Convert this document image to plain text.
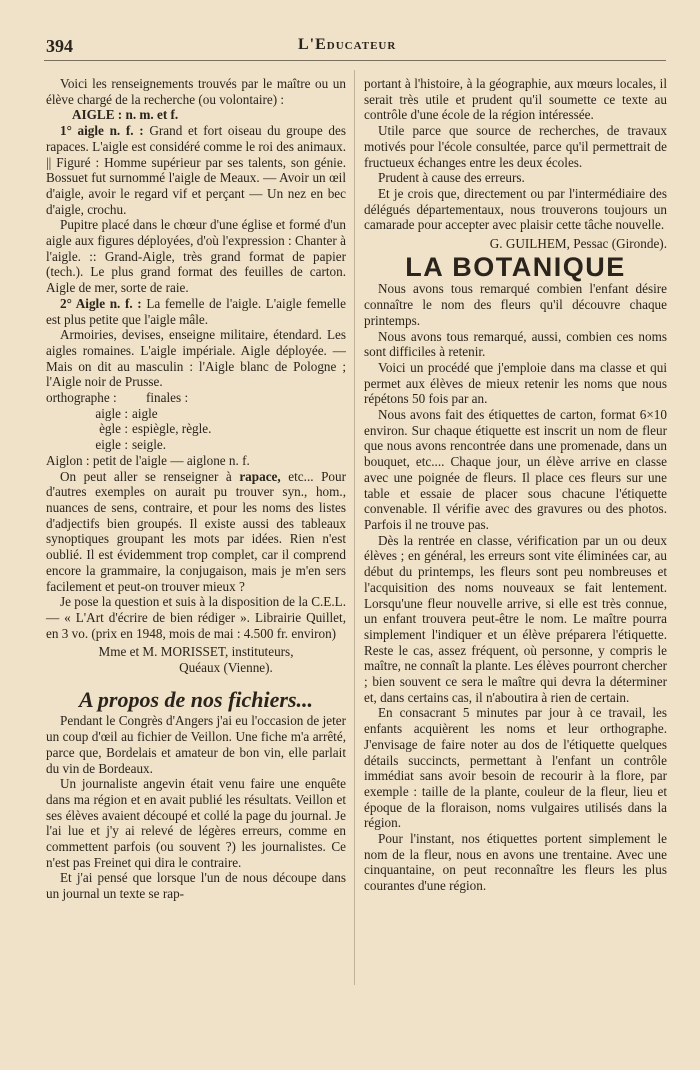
394	L'Educateur

Voici les renseignements trouvés par le maître ou un élève chargé de la recherche (ou volontaire) :

AIGLE : n. m. et f.

1° aigle n. f. : Grand et fort oiseau du groupe des rapaces. L'aigle est considéré comme le roi des animaux. || Figuré : Homme supérieur par ses talents, son génie. Bossuet fut surnommé l'aigle de Meaux. — Avoir un œil d'aigle, avoir le regard vif et perçant — Un nez en bec d'aigle, crochu.

Pupitre placé dans le chœur d'une église et formé d'un aigle aux figures déployées, d'où l'expression : Chanter à l'aigle. :: Grand-Aigle, très grand format de papier (tech.). Le plus grand format des feuilles de carton. Aigle de mer, sorte de raie.

2° Aigle n. f. : La femelle de l'aigle. L'aigle femelle est plus petite que l'aigle mâle.

Armoiries, devises, enseigne militaire, étendard. Les aigles romaines. L'aigle impériale. Aigle déployée. — Mais on dit au masculin : l'Aigle blanc de Pologne ; l'Aigle noir de Prusse.

orthographe :	finales :
aigle : aigle
ègle : espiègle, règle.
eigle : seigle.

Aiglon : petit de l'aigle — aiglone n. f.

On peut aller se renseigner à rapace, etc... Pour d'autres exemples on aurait pu trouver syn., hom., nuances de sens, contraire, et pour les noms des listes d'adjectifs bien groupés. Il existe aussi des tableaux synoptiques groupant les mots par idées. Rien n'est oublié. Il est évidemment trop complet, car il comprend encore la grammaire, la conjugaison, mais je m'en sers facilement et peut-on trouver mieux ?

Je pose la question et suis à la disposition de la C.E.L.— « L'Art d'écrire de bien rédiger ». Librairie Quillet, en 3 vo. (prix en 1948, mois de mai : 4.500 fr. environ)

Mme et M. MORISSET, instituteurs,

Quéaux (Vienne).

A propos de nos fichiers...

Pendant le Congrès d'Angers j'ai eu l'occasion de jeter un coup d'œil au fichier de Veillon. Une fiche m'a arrêté, parce que, Bordelais et amateur de bon vin, elle parlait du vin de Bordeaux.

Un journaliste angevin était venu faire une enquête dans ma région et en avait publié les résultats. Veillon et ses élèves avaient découpé et collé la page du journal. Je l'ai lue et j'y ai relevé de légères erreurs, comme en commettent parfois (ou souvent ?) les journalistes. Ce n'est pas Freinet qui dira le contraire.

Et j'ai pensé que lorsque l'un de nous découpe dans un journal un texte se rap-

portant à l'histoire, à la géographie, aux mœurs locales, il serait très utile et prudent qu'il soumette ce texte au contrôle d'une école de la région intéressée.

Utile parce que source de recherches, de travaux motivés pour l'école consultée, parce qu'il permettrait de fructueux échanges entre les deux écoles.

Prudent à cause des erreurs.

Et je crois que, directement ou par l'intermédiaire des délégués départementaux, nous trouverons toujours un camarade pour accepter avec plaisir cette tâche nouvelle.

G. GUILHEM, Pessac (Gironde).

LA BOTANIQUE

Nous avons tous remarqué combien l'enfant désire connaître le nom des fleurs qu'il découvre chaque printemps.

Nous avons tous remarqué, aussi, combien ces noms sont difficiles à retenir.

Voici un procédé que j'emploie dans ma classe et qui permet aux élèves de mieux retenir les noms que nous répétons 50 fois par an.

Nous avons fait des étiquettes de carton, format 6×10 environ. Sur chaque étiquette est inscrit un nom de fleur que nous avons rencontrée dans une promenade, dans un bouquet, etc.... Chaque jour, un élève arrive en classe avec une poignée de fleurs. Il place ces fleurs sur une table et essaie de placer sous chacune l'étiquette convenable. Il vérifie avec des gravures ou des photos. Parfois il ne trouve pas.

Dès la rentrée en classe, vérification par un ou deux élèves ; en général, les erreurs sont vite éliminées car, au début du printemps, les fleurs sont peu nombreuses et l'acquisition des noms nouveaux se fait lentement. Lorsqu'une fleur nouvelle arrive, si elle est très connue, un enfant trouvera peut-être le nom. Le maître pourra simplement l'indiquer et un élève préparera l'étiquette. Reste le cas, assez fréquent, où personne, y compris le maître, ne connaît la plante. Les élèves pourront chercher ; bien souvent ce sera le maître qui devra la déterminer et, dans certains cas, il n'aboutira à rien de certain.

En consacrant 5 minutes par jour à ce travail, les enfants acquièrent les noms et leur orthographe. J'envisage de faire noter au dos de l'étiquette quelques détails succincts, permettant à l'enfant un contrôle immédiat sans avoir besoin de recourir à la flore, par exemple : taille de la plante, couleur de la fleur, lieu et époque de la floraison, noms vulgaires utilisés dans la région.

Pour l'instant, nos étiquettes portent simplement le nom de la fleur, nous en avons une trentaine. Avec une cinquantaine, on peut reconnaître les fleurs les plus courantes d'une région.
